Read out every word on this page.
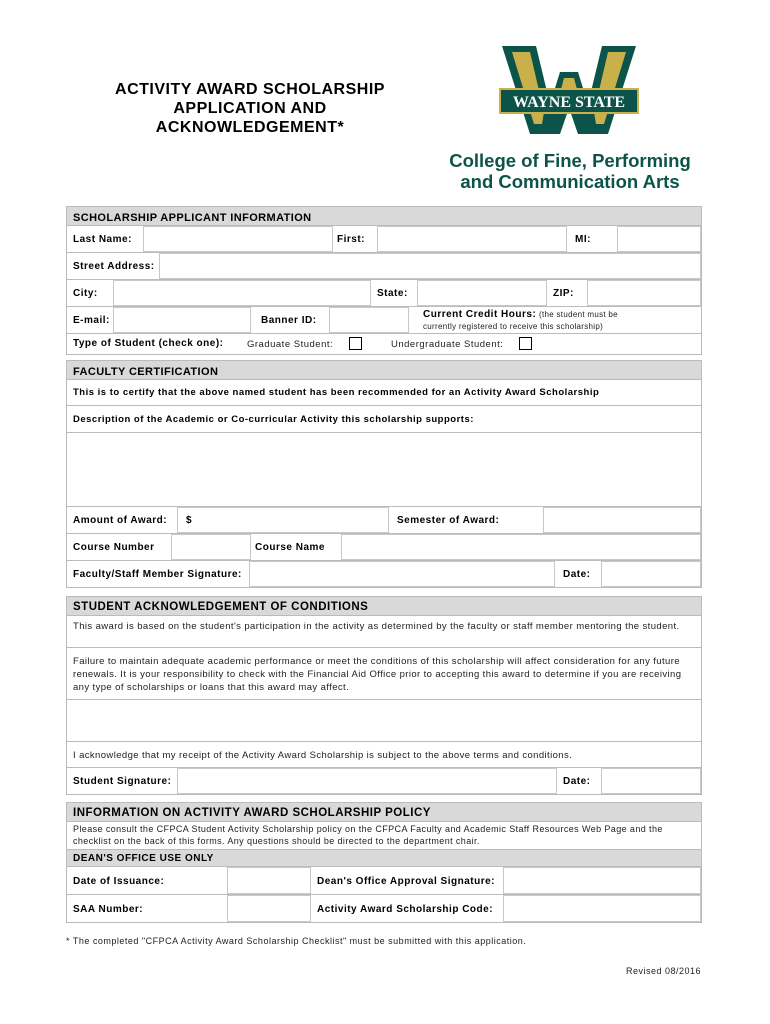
ACTIVITY AWARD SCHOLARSHIP
APPLICATION AND
ACKNOWLEDGEMENT*
WAYNE STATE
College of Fine, Performing
and Communication Arts
SCHOLARSHIP APPLICANT INFORMATION
Last Name:	First:	MI:
Street Address:
City:	State:	ZIP:
E-mail:	Banner ID:
Current Credit Hours: (the student must be
currently registered to receive this scholarship)
Type of Student (check one): Graduate Student:	Undergraduate Student:
FACULTY CERTIFICATION
This is to certify that the above named student has been recommended for an Activity Award Scholarship
Description of the Academic or Co-curricular Activity this scholarship supports:
Amount of Award: $	Semester of Award:
Course Number	Course Name
Faculty/Staff Member Signature:	Date:
STUDENT ACKNOWLEDGEMENT OF CONDITIONS
This award is based on the student's participation in the activity as determined by the faculty or staff member mentoring the student.
Failure to maintain adequate academic performance or meet the conditions of this scholarship will affect consideration for any future renewals. It is your responsibility to check with the Financial Aid Office prior to accepting this award to determine if you are receiving any type of scholarships or loans that this award may affect.
I acknowledge that my receipt of the Activity Award Scholarship is subject to the above terms and conditions.
Student Signature:	Date:
INFORMATION ON ACTIVITY AWARD SCHOLARSHIP POLICY
Please consult the CFPCA Student Activity Scholarship policy on the CFPCA Faculty and Academic Staff Resources Web Page and the checklist on the back of this forms. Any questions should be directed to the department chair.
DEAN'S OFFICE USE ONLY
Date of Issuance:	Dean's Office Approval Signature:
SAA Number:	Activity Award Scholarship Code:
* The completed "CFPCA Activity Award Scholarship Checklist" must be submitted with this application.
Revised 08/2016
